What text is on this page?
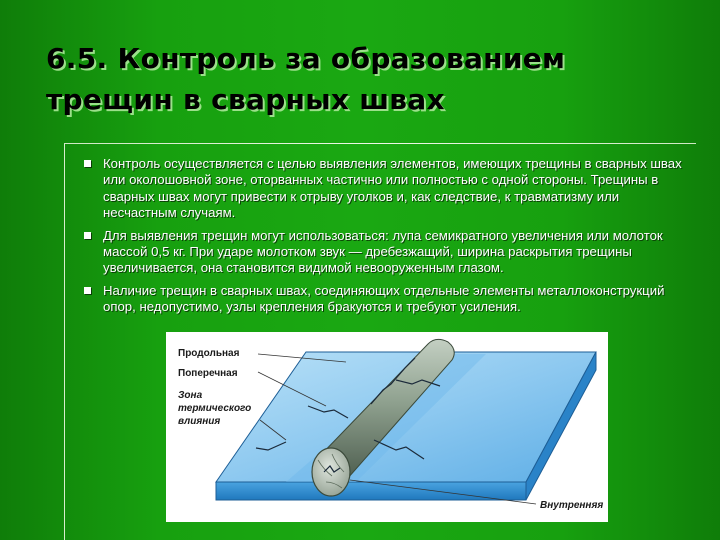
6.5. Контроль за образованием трещин в сварных швах
Контроль осуществляется с целью выявления элементов, имеющих трещины в сварных швах или околошовной зоне, оторванных частично или полностью с одной стороны. Трещины в сварных швах могут привести к отрыву уголков и, как следствие, к травматизму или несчастным случаям.
Для выявления трещин могут использоваться: лупа семикратного увеличения или молоток массой 0,5 кг. При ударе молотком звук — дребезжащий, ширина раскрытия трещины увеличивается, она становится видимой невооруженным глазом.
Наличие трещин в сварных швах, соединяющих отдельные элементы металлоконструкций опор, недопустимо, узлы крепления бракуются и требуют усиления.
Продольная
Поперечная
Зона
термического
влияния
Внутренняя
